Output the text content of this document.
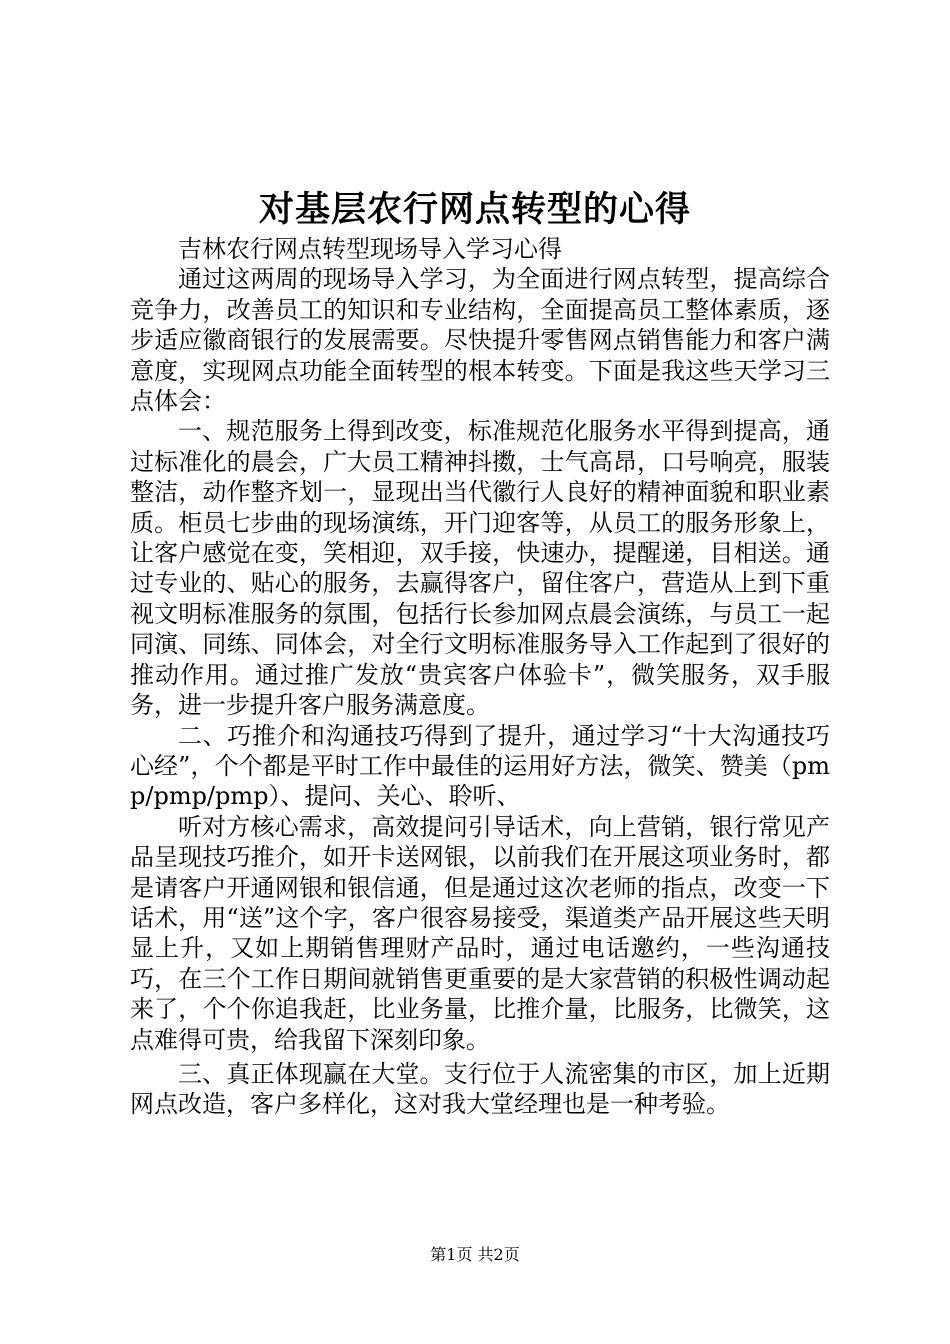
对基层农行网点转型的心得

吉林农行网点转型现场导入学习心得

通过这两周的现场导入学习，为全面进行网点转型，提高综合竞争力，改善员工的知识和专业结构，全面提高员工整体素质，逐步适应徽商银行的发展需要。尽快提升零售网点销售能力和客户满意度，实现网点功能全面转型的根本转变。下面是我这些天学习三点体会：

一、规范服务上得到改变，标准规范化服务水平得到提高，通过标准化的晨会，广大员工精神抖擞，士气高昂，口号响亮，服装整洁，动作整齐划一，显现出当代徽行人良好的精神面貌和职业素质。柜员七步曲的现场演练，开门迎客等，从员工的服务形象上，让客户感觉在变，笑相迎，双手接，快速办，提醒递，目相送。通过专业的、贴心的服务，去赢得客户，留住客户，营造从上到下重视文明标准服务的氛围，包括行长参加网点晨会演练，与员工一起同演、同练、同体会，对全行文明标准服务导入工作起到了很好的推动作用。通过推广发放“贵宾客户体验卡”，微笑服务，双手服务，进一步提升客户服务满意度。

二、巧推介和沟通技巧得到了提升，通过学习“十大沟通技巧心经”，个个都是平时工作中最佳的运用好方法，微笑、赞美（pmp/pmp/pmp）、提问、关心、聆听、

听对方核心需求，高效提问引导话术，向上营销，银行常见产品呈现技巧推介，如开卡送网银，以前我们在开展这项业务时，都是请客户开通网银和银信通，但是通过这次老师的指点，改变一下话术，用“送”这个字，客户很容易接受，渠道类产品开展这些天明显上升，又如上期销售理财产品时，通过电话邀约，一些沟通技巧，在三个工作日期间就销售更重要的是大家营销的积极性调动起来了，个个你追我赶，比业务量，比推介量，比服务，比微笑，这点难得可贵，给我留下深刻印象。

三、真正体现赢在大堂。支行位于人流密集的市区，加上近期网点改造，客户多样化，这对我大堂经理也是一种考验。

第1页 共2页
